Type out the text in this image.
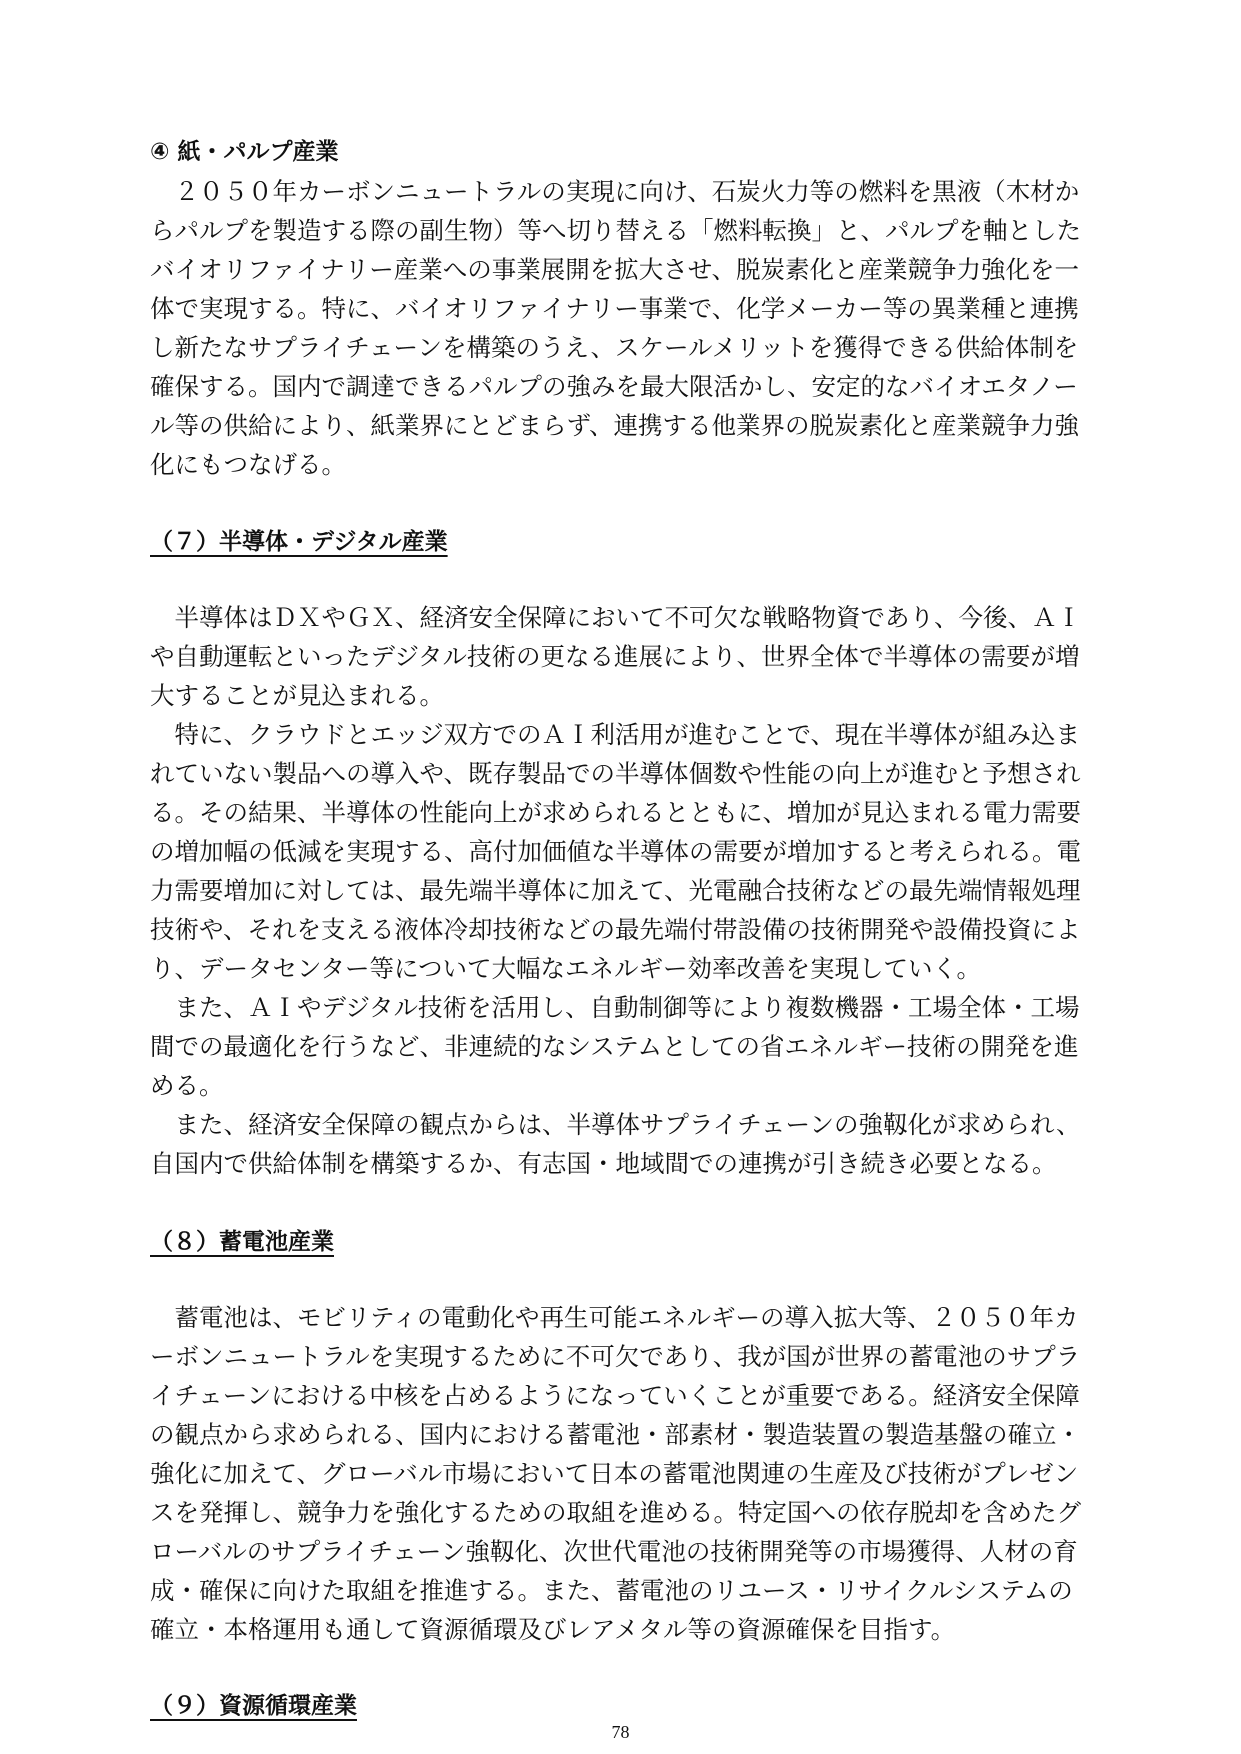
④ 紙・パルプ産業

　２０５０年カーボンニュートラルの実現に向け、石炭火力等の燃料を黒液（木材か

らパルプを製造する際の副生物）等へ切り替える「燃料転換」と、パルプを軸とした

バイオリファイナリー産業への事業展開を拡大させ、脱炭素化と産業競争力強化を一

体で実現する。特に、バイオリファイナリー事業で、化学メーカー等の異業種と連携

し新たなサプライチェーンを構築のうえ、スケールメリットを獲得できる供給体制を

確保する。国内で調達できるパルプの強みを最大限活かし、安定的なバイオエタノー

ル等の供給により、紙業界にとどまらず、連携する他業界の脱炭素化と産業競争力強

化にもつなげる。

（７）半導体・デジタル産業

　半導体はＤＸやＧＸ、経済安全保障において不可欠な戦略物資であり、今後、ＡＩ

や自動運転といったデジタル技術の更なる進展により、世界全体で半導体の需要が増

大することが見込まれる。

　特に、クラウドとエッジ双方でのＡＩ利活用が進むことで、現在半導体が組み込ま

れていない製品への導入や、既存製品での半導体個数や性能の向上が進むと予想され

る。その結果、半導体の性能向上が求められるとともに、増加が見込まれる電力需要

の増加幅の低減を実現する、高付加価値な半導体の需要が増加すると考えられる。電

力需要増加に対しては、最先端半導体に加えて、光電融合技術などの最先端情報処理

技術や、それを支える液体冷却技術などの最先端付帯設備の技術開発や設備投資によ

り、データセンター等について大幅なエネルギー効率改善を実現していく。

　また、ＡＩやデジタル技術を活用し、自動制御等により複数機器・工場全体・工場

間での最適化を行うなど、非連続的なシステムとしての省エネルギー技術の開発を進

める。

　また、経済安全保障の観点からは、半導体サプライチェーンの強靱化が求められ、

自国内で供給体制を構築するか、有志国・地域間での連携が引き続き必要となる。

（８）蓄電池産業

　蓄電池は、モビリティの電動化や再生可能エネルギーの導入拡大等、２０５０年カ

ーボンニュートラルを実現するために不可欠であり、我が国が世界の蓄電池のサプラ

イチェーンにおける中核を占めるようになっていくことが重要である。経済安全保障

の観点から求められる、国内における蓄電池・部素材・製造装置の製造基盤の確立・

強化に加えて、グローバル市場において日本の蓄電池関連の生産及び技術がプレゼン

スを発揮し、競争力を強化するための取組を進める。特定国への依存脱却を含めたグ

ローバルのサプライチェーン強靱化、次世代電池の技術開発等の市場獲得、人材の育

成・確保に向けた取組を推進する。また、蓄電池のリユース・リサイクルシステムの

確立・本格運用も通して資源循環及びレアメタル等の資源確保を目指す。

（９）資源循環産業

78
